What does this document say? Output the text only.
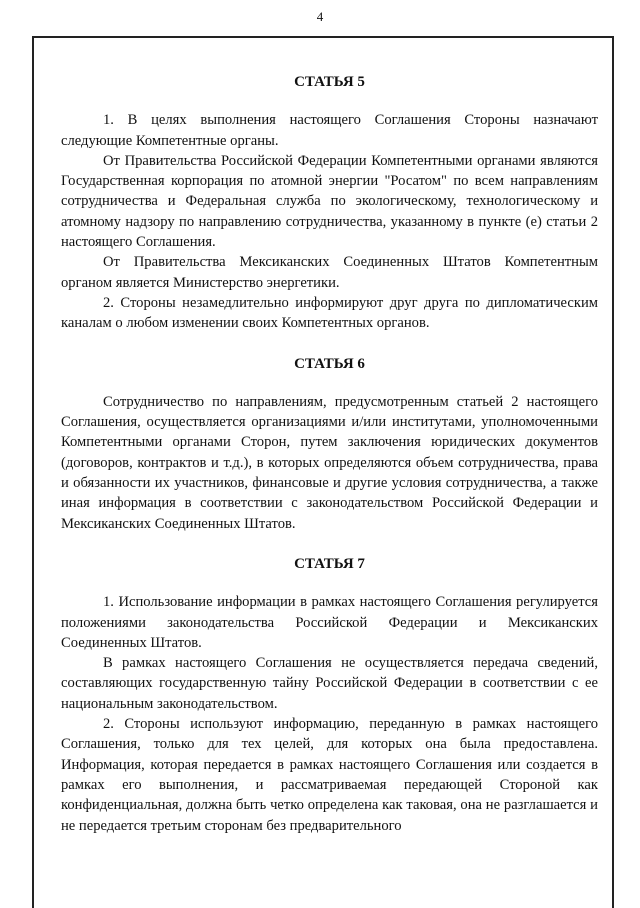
4
СТАТЬЯ 5

1. В целях выполнения настоящего Соглашения Стороны назначают следующие Компетентные органы.

От Правительства Российской Федерации Компетентными органами являются Государственная корпорация по атомной энергии "Росатом" по всем направлениям сотрудничества и Федеральная служба по экологическому, технологическому и атомному надзору по направлению сотрудничества, указанному в пункте (е) статьи 2 настоящего Соглашения.

От Правительства Мексиканских Соединенных Штатов Компетентным органом является Министерство энергетики.

2. Стороны незамедлительно информируют друг друга по дипломатическим каналам о любом изменении своих Компетентных органов.

СТАТЬЯ 6

Сотрудничество по направлениям, предусмотренным статьей 2 настоящего Соглашения, осуществляется организациями и/или институтами, уполномоченными Компетентными органами Сторон, путем заключения юридических документов (договоров, контрактов и т.д.), в которых определяются объем сотрудничества, права и обязанности их участников, финансовые и другие условия сотрудничества, а также иная информация в соответствии с законодательством Российской Федерации и Мексиканских Соединенных Штатов.

СТАТЬЯ 7

1. Использование информации в рамках настоящего Соглашения регулируется положениями законодательства Российской Федерации и Мексиканских Соединенных Штатов.

В рамках настоящего Соглашения не осуществляется передача сведений, составляющих государственную тайну Российской Федерации в соответствии с ее национальным законодательством.

2. Стороны используют информацию, переданную в рамках настоящего Соглашения, только для тех целей, для которых она была предоставлена. Информация, которая передается в рамках настоящего Соглашения или создается в рамках его выполнения, и рассматриваемая передающей Стороной как конфиденциальная, должна быть четко определена как таковая, она не разглашается и не передается третьим сторонам без предварительного
